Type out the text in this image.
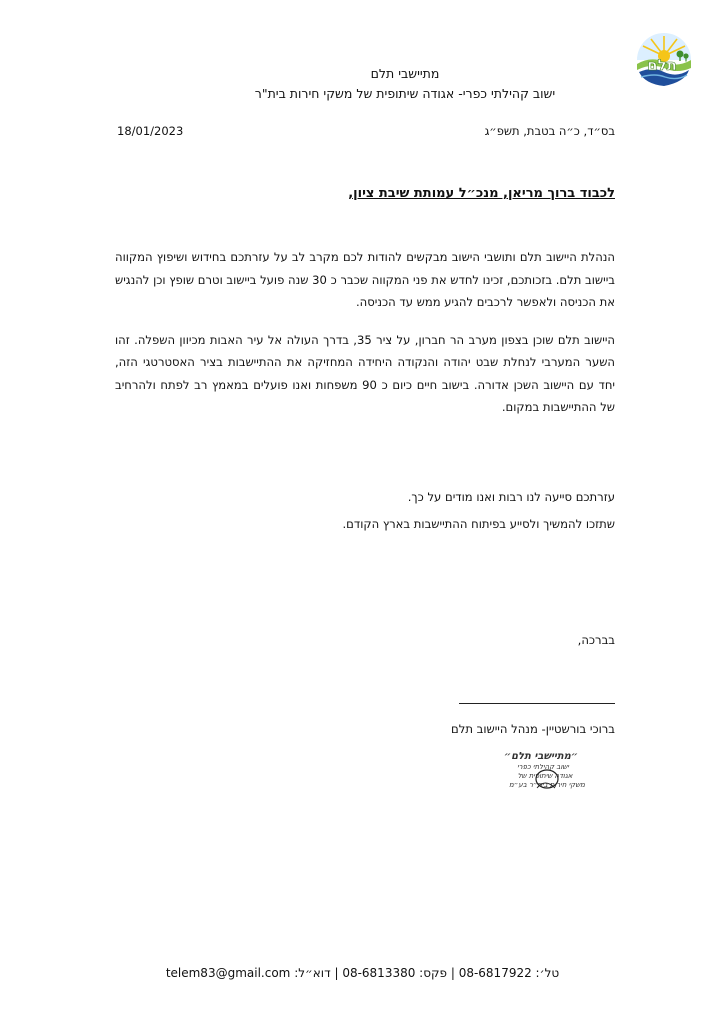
תלם
מתיישבי תלם
ישוב קהילתי כפרי- אגודה שיתופית של משקי חירות בית"ר
בס״ד, כ״ה בטבת, תשפ״ג
18/01/2023
לכבוד ברוך מריאן, מנכ״ל עמותת שיבת ציון,

הנהלת היישוב תלם ותושבי הישוב מבקשים להודות לכם מקרב לב על עזרתכם בחידוש ושיפוץ המקווה ביישוב תלם. בזכותכם, זכינו לחדש את פני המקווה שכבר כ 30 שנה פועל ביישוב וטרם שופץ וכן להנגיש את הכניסה ולאפשר לרכבים להגיע ממש עד הכניסה.

היישוב תלם שוכן בצפון מערב הר חברון, על ציר 35, בדרך העולה אל עיר האבות מכיוון השפלה. זהו השער המערבי לנחלת שבט יהודה והנקודה היחידה המחזיקה את ההתיישבות בציר האסטרטגי הזה, יחד עם היישוב השכן אדורה. בישוב חיים כיום כ 90 משפחות ואנו פועלים במאמץ רב לפתח ולהרחיב של ההתיישבות במקום.

עזרתכם סייעה לנו רבות ואנו מודים על כך.

שתזכו להמשיך ולסייע בפיתוח ההתיישבות בארץ הקודם.

בברכה,
ברוכי בורשטיין- מנהל היישוב תלם
״מתיישבי תלם״
ישוב קהילתי כפרי
אגודה שיתופית של
משקי חירות בית״ר בע״מ
טל׳: 08-6817922 | פקס: 08-6813380 | דוא״ל: telem83@gmail.com
